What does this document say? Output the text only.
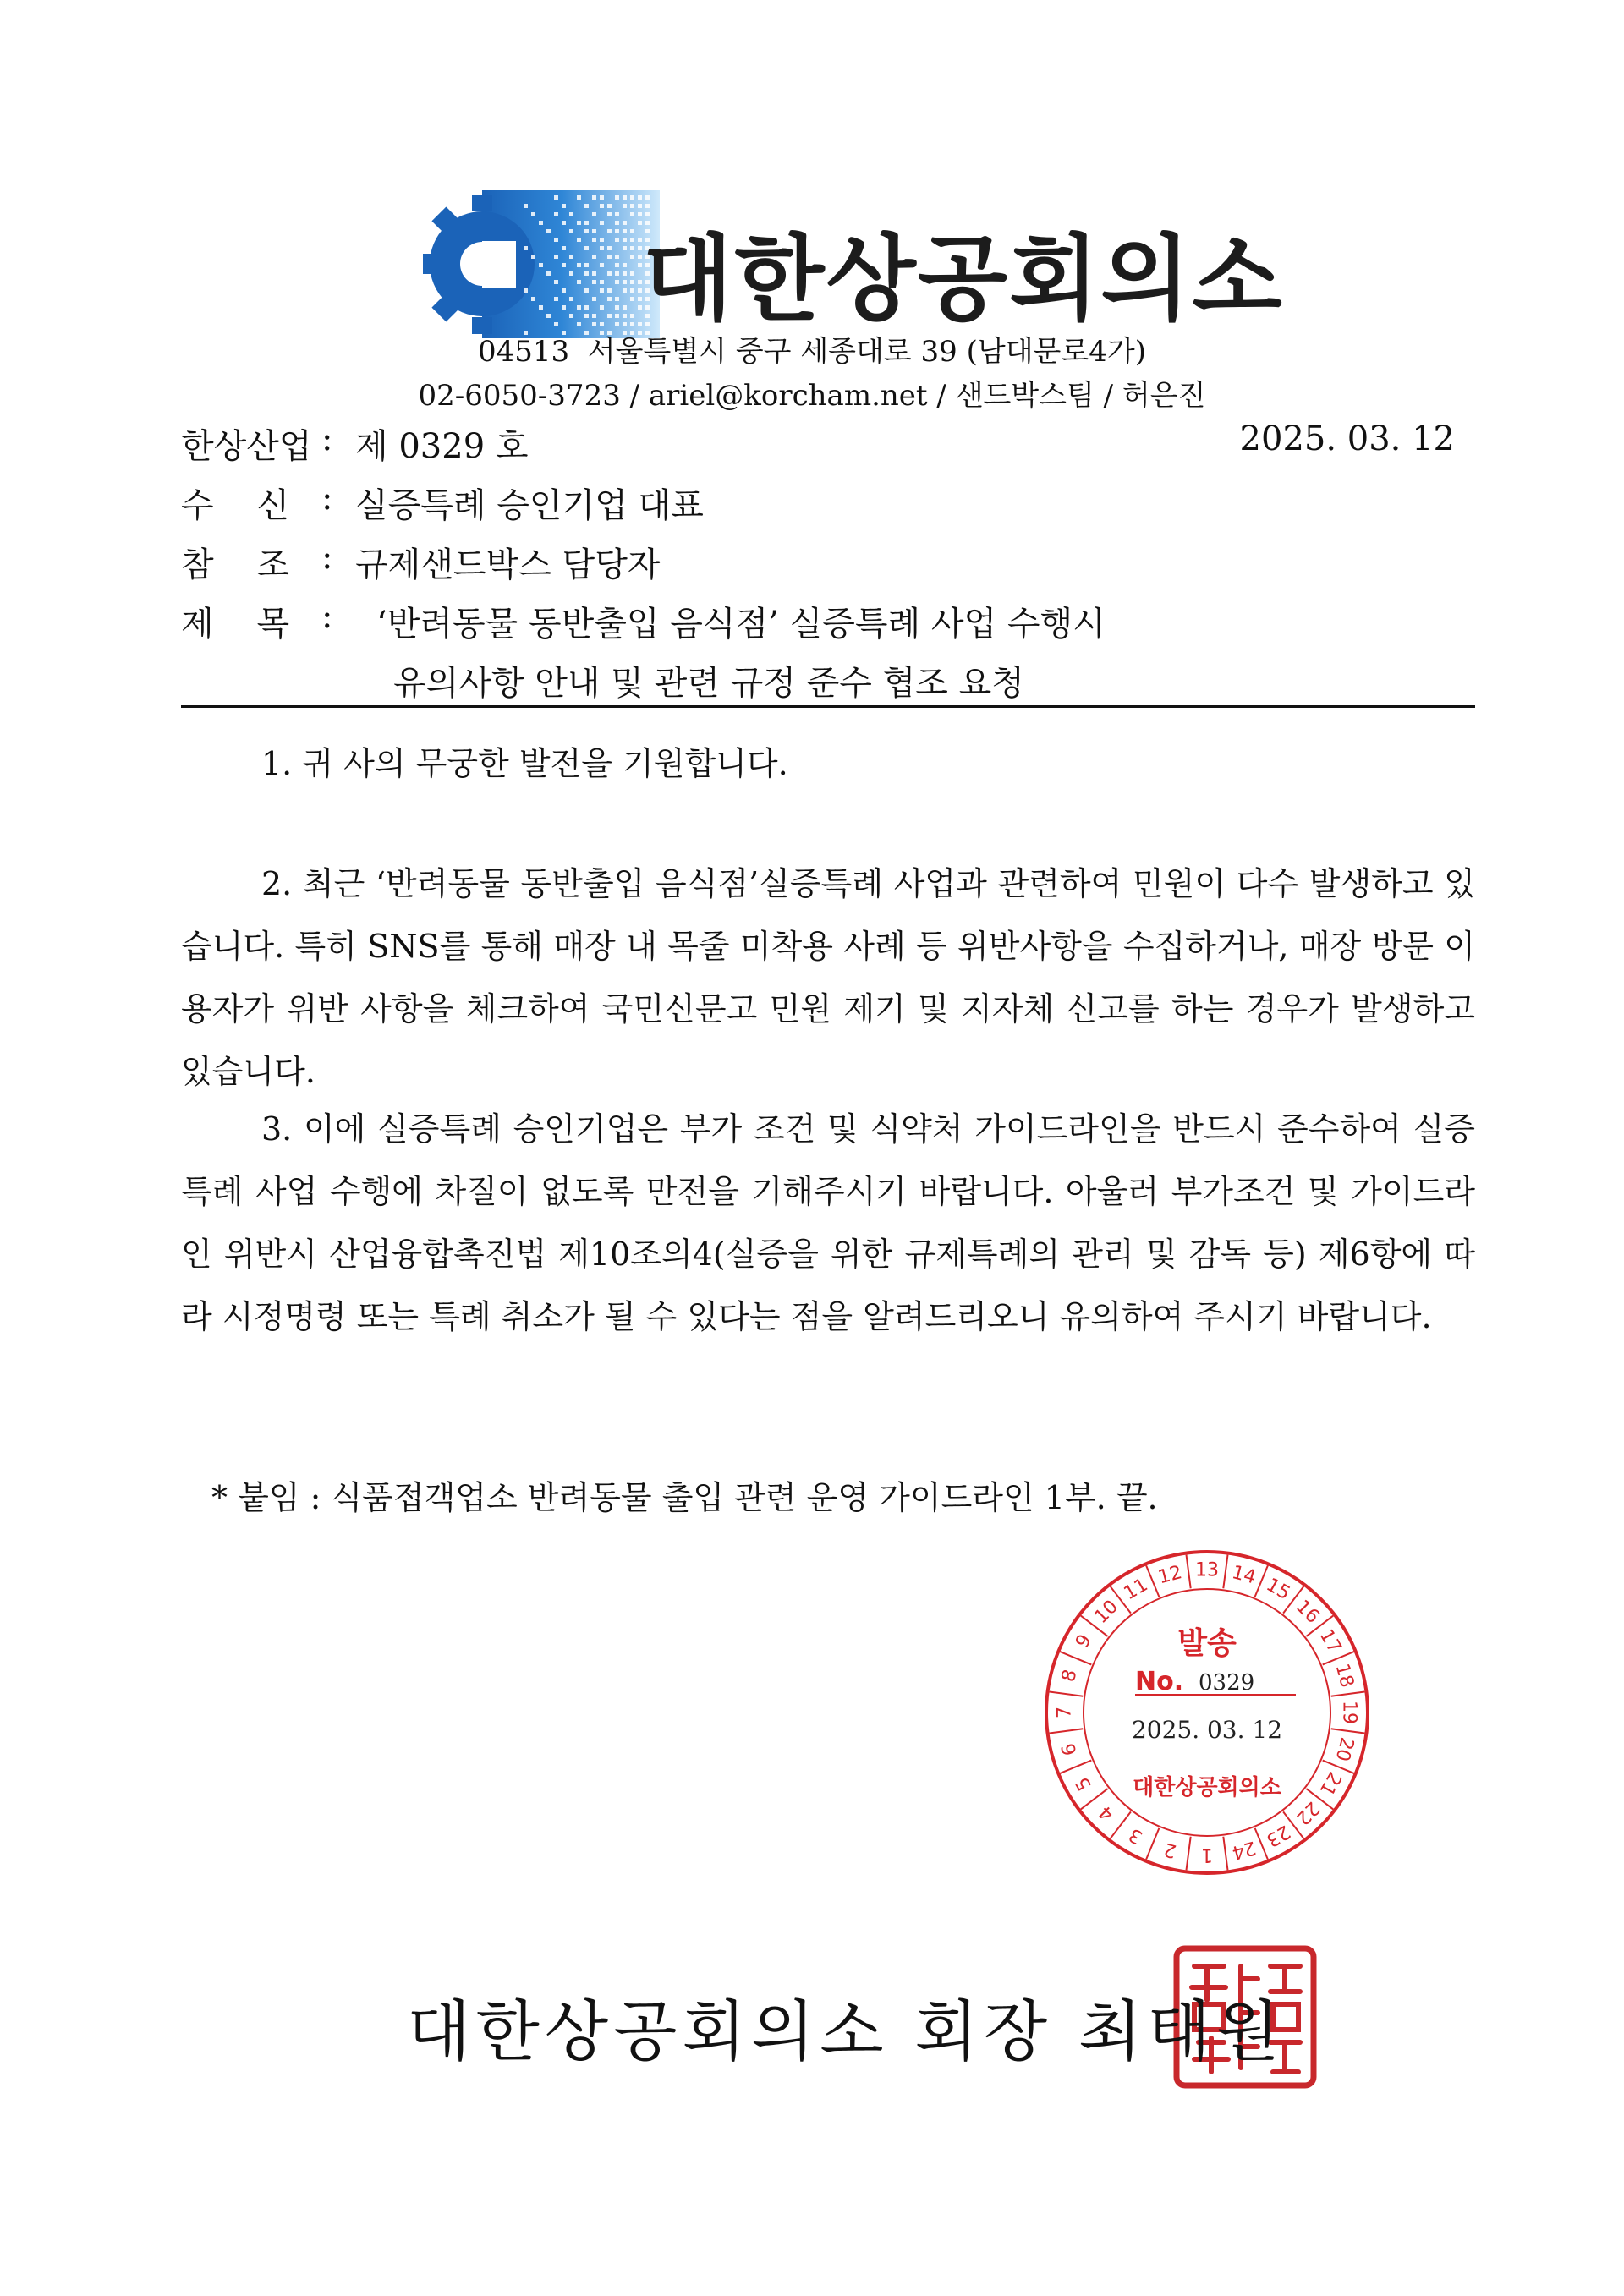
대한상공회의소
04513  서울특별시 중구 세종대로 39 (남대문로4가)
02-6050-3723 / ariel@korcham.net / 샌드박스팀 / 허은진
한상산업 : 제 0329 호	2025. 03. 12
수    신 : 실증특례 승인기업 대표
참    조 : 규제샌드박스 담당자
제    목 : ‘반려동물 동반출입 음식점’ 실증특례 사업 수행시
유의사항 안내 및 관련 규정 준수 협조 요청

1. 귀 사의 무궁한 발전을 기원합니다.

2. 최근 ‘반려동물 동반출입 음식점’실증특례 사업과 관련하여 민원이 다수 발생하고 있습니다. 특히 SNS를 통해 매장 내 목줄 미착용 사례 등 위반사항을 수집하거나, 매장 방문 이용자가 위반 사항을 체크하여 국민신문고 민원 제기 및 지자체 신고를 하는 경우가 발생하고 있습니다.

3. 이에 실증특례 승인기업은 부가 조건 및 식약처 가이드라인을 반드시 준수하여 실증특례 사업 수행에 차질이 없도록 만전을 기해주시기 바랍니다. 아울러 부가조건 및 가이드라인 위반시 산업융합촉진법 제10조의4(실증을 위한 규제특례의 관리 및 감독 등) 제6항에 따라 시정명령 또는 특례 취소가 될 수 있다는 점을 알려드리오니 유의하여 주시기 바랍니다.

* 붙임 : 식품접객업소 반려동물 출입 관련 운영 가이드라인 1부. 끝.

1
2
3
4
5
6
7
8
9
10
11 12 13 14 15
16
17
18
19
20
21
22
23
24
발송
No. 0329
2025. 03. 12
대한상공회의소
대한상공회의소 회장 최태원
